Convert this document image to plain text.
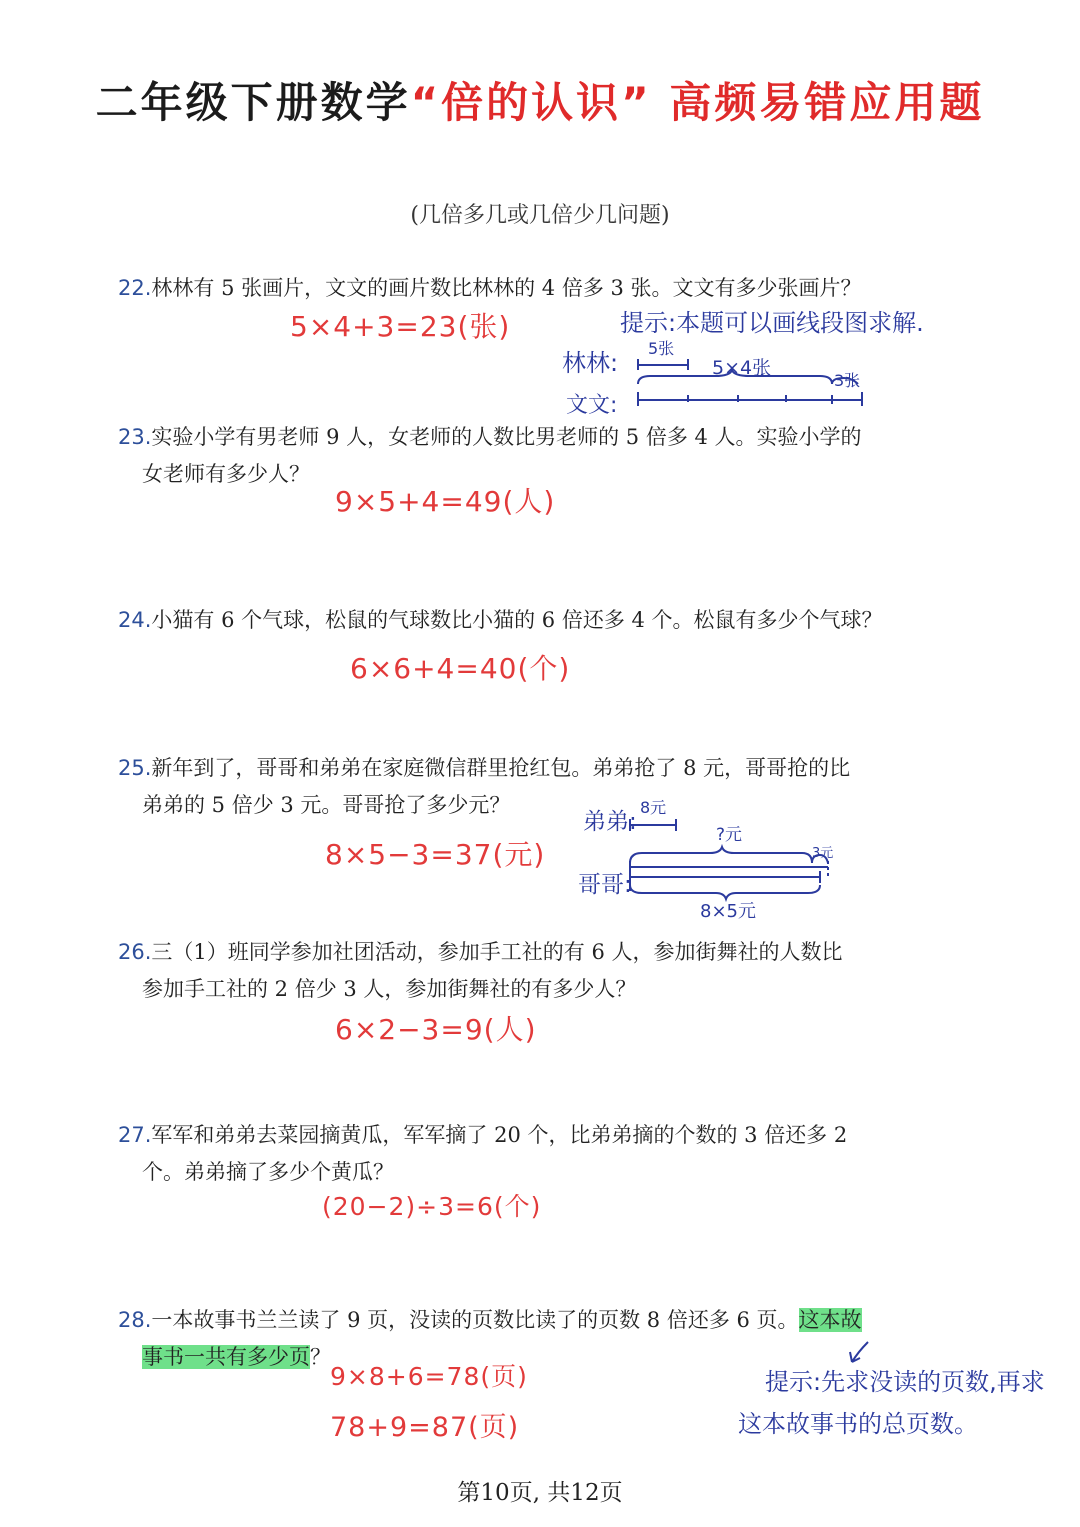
二年级下册数学“倍的认识” 高频易错应用题
(几倍多几或几倍少几问题)
22.林林有 5 张画片，文文的画片数比林林的 4 倍多 3 张。文文有多少张画片？
5×4+3=23(张)	提示:本题可以画线段图求解.
林林:
文文:
5张
5×4张
3张
23.实验小学有男老师 9 人，女老师的人数比男老师的 5 倍多 4 人。实验小学的
女老师有多少人？
9×5+4=49(人)
24.小猫有 6 个气球，松鼠的气球数比小猫的 6 倍还多 4 个。松鼠有多少个气球？
6×6+4=40(个)
25.新年到了，哥哥和弟弟在家庭微信群里抢红包。弟弟抢了 8 元，哥哥抢的比
弟弟的 5 倍少 3 元。哥哥抢了多少元？
8×5−3=37(元)
弟弟:
哥哥:
8元
?元
3元
8×5元
26.三（1）班同学参加社团活动，参加手工社的有 6 人，参加街舞社的人数比
参加手工社的 2 倍少 3 人，参加街舞社的有多少人？
6×2−3=9(人)
27.军军和弟弟去菜园摘黄瓜，军军摘了 20 个，比弟弟摘的个数的 3 倍还多 2
个。弟弟摘了多少个黄瓜？
(20−2)÷3=6(个)
28.一本故事书兰兰读了 9 页，没读的页数比读了的页数 8 倍还多 6 页。这本故
事书一共有多少页？
9×8+6=78(页)
78+9=87(页)
提示:先求没读的页数,再求
这本故事书的总页数。
第10页, 共12页
